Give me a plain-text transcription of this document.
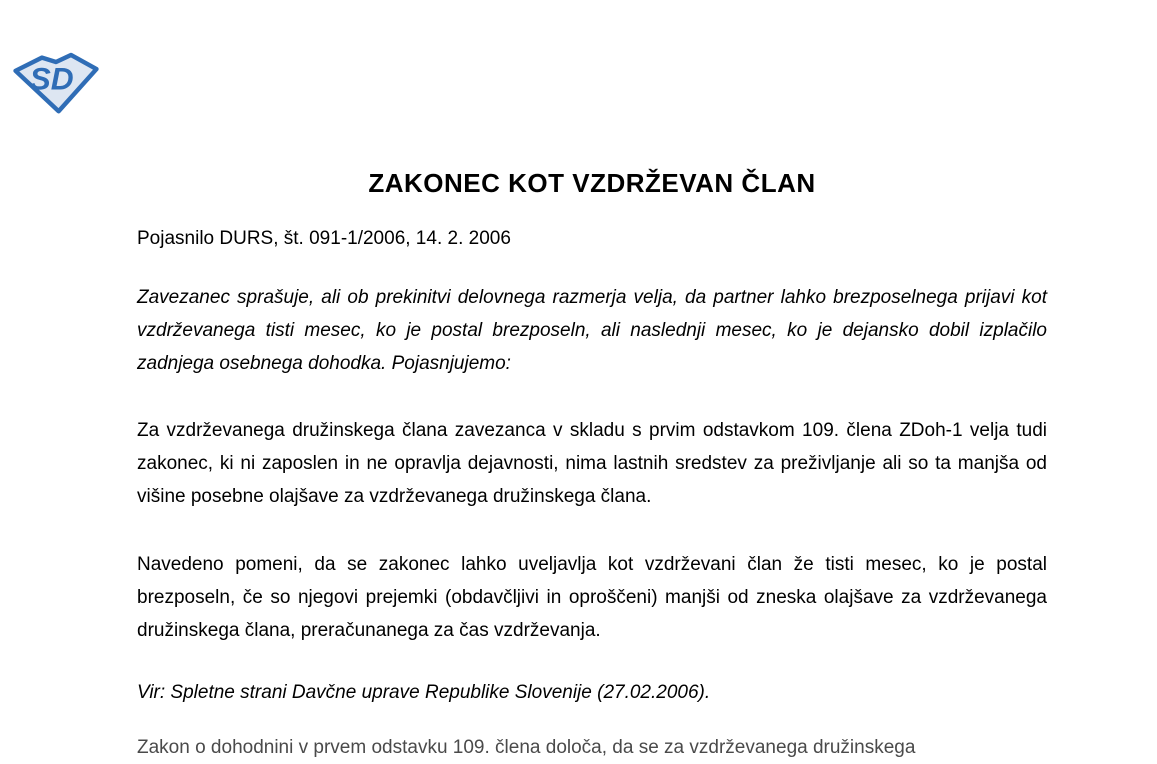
SD
ZAKONEC KOT VZDRŽEVAN ČLAN
Pojasnilo DURS, št. 091-1/2006, 14. 2. 2006

Zavezanec sprašuje, ali ob prekinitvi delovnega razmerja velja, da partner lahko brezposelnega prijavi kot vzdrževanega tisti mesec, ko je postal brezposeln, ali naslednji mesec, ko je dejansko dobil izplačilo zadnjega osebnega dohodka. Pojasnjujemo:

Za vzdrževanega družinskega člana zavezanca v skladu s prvim odstavkom 109. člena ZDoh-1 velja tudi zakonec, ki ni zaposlen in ne opravlja dejavnosti, nima lastnih sredstev za preživljanje ali so ta manjša od višine posebne olajšave za vzdrževanega družinskega člana.

Navedeno pomeni, da se zakonec lahko uveljavlja kot vzdrževani član že tisti mesec, ko je postal brezposeln, če so njegovi prejemki (obdavčljivi in oproščeni) manjši od zneska olajšave za vzdrževanega družinskega člana, preračunanega za čas vzdrževanja.

Vir: Spletne strani Davčne uprave Republike Slovenije (27.02.2006).

Zakon o dohodnini v prvem odstavku 109. člena določa, da se za vzdrževanega družinskega
